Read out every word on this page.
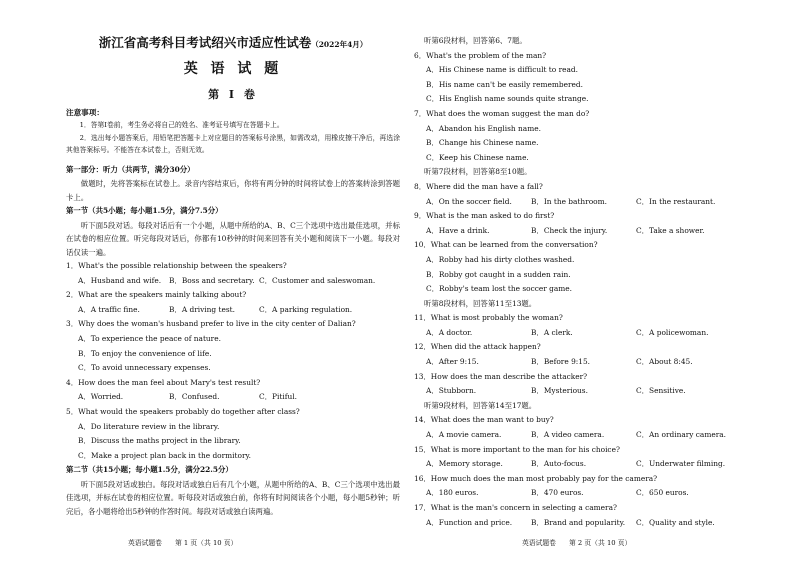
浙江省高考科目考试绍兴市适应性试卷（2022年4月）
英 语 试 题
第 Ⅰ 卷
注意事项：
1．答第Ⅰ卷前，考生务必将自己的姓名、准考证号填写在答题卡上。
2．选出每小题答案后，用铅笔把答题卡上对应题目的答案标号涂黑，如需改动，用橡皮擦干净后，再选涂其他答案标号。不能答在本试卷上，否则无效。
第一部分：听力（共两节，满分30分）
做题时，先将答案标在试卷上。录音内容结束后，你将有两分钟的时间将试卷上的答案转涂到答题卡上。
第一节（共5小题；每小题1.5分，满分7.5分）
听下面5段对话。每段对话后有一个小题，从题中所给的A、B、C三个选项中选出最佳选项，并标在试卷的相应位置。听完每段对话后，你都有10秒钟的时间来回答有关小题和阅读下一小题。每段对话仅读一遍。
1．What's the possible relationship between the speakers?
A．Husband and wife.	B．Boss and secretary. C．Customer and saleswoman.
2．What are the speakers mainly talking about?
A．A traffic fine.	B．A driving test.	C．A parking regulation.
3．Why does the woman's husband prefer to live in the city center of Dalian?
A．To experience the peace of nature.
B．To enjoy the convenience of life.
C．To avoid unnecessary expenses.
4．How does the man feel about Mary's test result?
A．Worried.	B．Confused.	C．Pitiful.
5．What would the speakers probably do together after class?
A．Do literature review in the library.
B．Discuss the maths project in the library.
C．Make a project plan back in the dormitory.
第二节（共15小题；每小题1.5分，满分22.5分）
听下面5段对话或独白。每段对话或独白后有几个小题，从题中所给的A、B、C三个选项中选出最佳选项，并标在试卷的相应位置。听每段对话或独白前，你将有时间阅读各个小题，每小题5秒钟；听完后，各小题将给出5秒钟的作答时间。每段对话或独白读两遍。
听第6段材料，回答第6、7题。
6．What's the problem of the man?
A．His Chinese name is difficult to read.
B．His name can't be easily remembered.
C．His English name sounds quite strange.
7．What does the woman suggest the man do?
A．Abandon his English name.
B．Change his Chinese name.
C．Keep his Chinese name.
听第7段材料，回答第8至10题。
8．Where did the man have a fall?
A．On the soccer field.	B．In the bathroom.	C．In the restaurant.
9．What is the man asked to do first?
A．Have a drink.	B．Check the injury.	C．Take a shower.
10．What can be learned from the conversation?
A．Robby had his dirty clothes washed.
B．Robby got caught in a sudden rain.
C．Robby's team lost the soccer game.
听第8段材料，回答第11至13题。
11．What is most probably the woman?
A．A doctor.	B．A clerk.	C．A policewoman.
12．When did the attack happen?
A．After 9:15.	B．Before 9:15.	C．About 8:45.
13．How does the man describe the attacker?
A．Stubborn.	B．Mysterious.	C．Sensitive.
听第9段材料，回答第14至17题。
14．What does the man want to buy?
A．A movie camera.	B．A video camera.	C．An ordinary camera.
15．What is more important to the man for his choice?
A．Memory storage.	B．Auto-focus.	C．Underwater filming.
16．How much does the man most probably pay for the camera?
A．180 euros.	B．470 euros.	C．650 euros.
17．What is the man's concern in selecting a camera?
A．Function and price.	B．Brand and popularity.	C．Quality and style.
英语试题卷      第 1 页（共 10 页）	英语试题卷      第 2 页（共 10 页）
